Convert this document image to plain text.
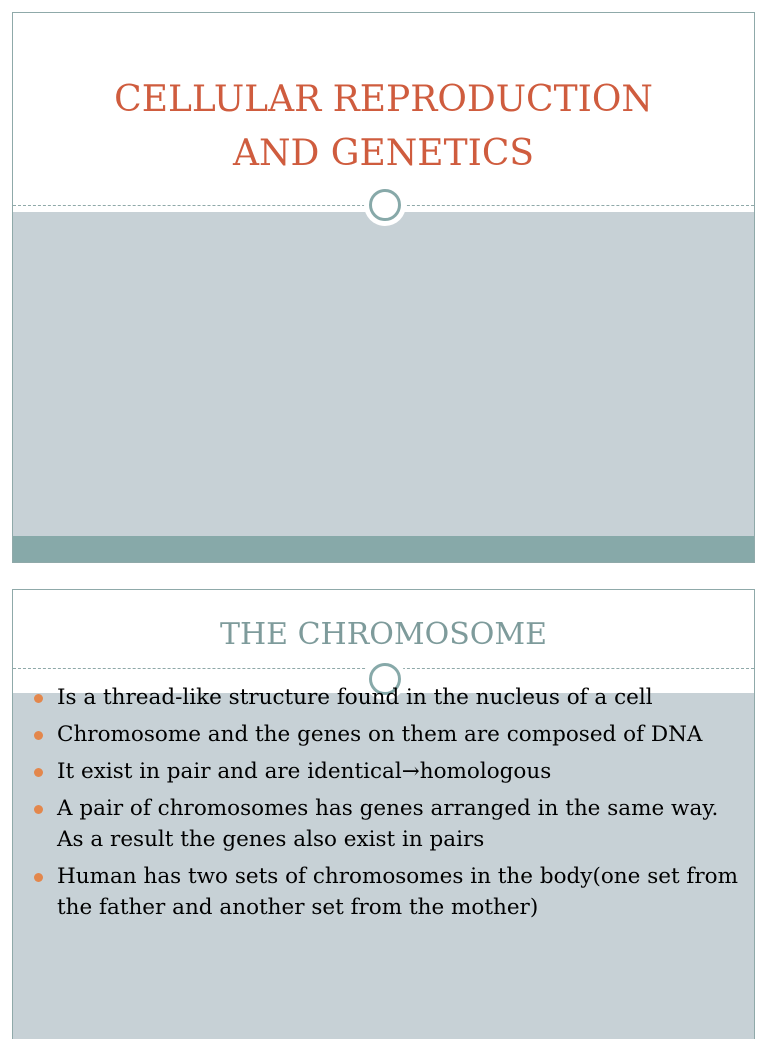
CELLULAR REPRODUCTION
AND GENETICS
THE CHROMOSOME
Is a thread-like structure found in the nucleus of a cell
Chromosome and the genes on them are composed of DNA
It exist in pair and are identical→homologous
A pair of chromosomes has genes arranged in the same way. As a result the genes also exist in pairs
Human has two sets of chromosomes in the body(one set from the father and another set from the mother)
